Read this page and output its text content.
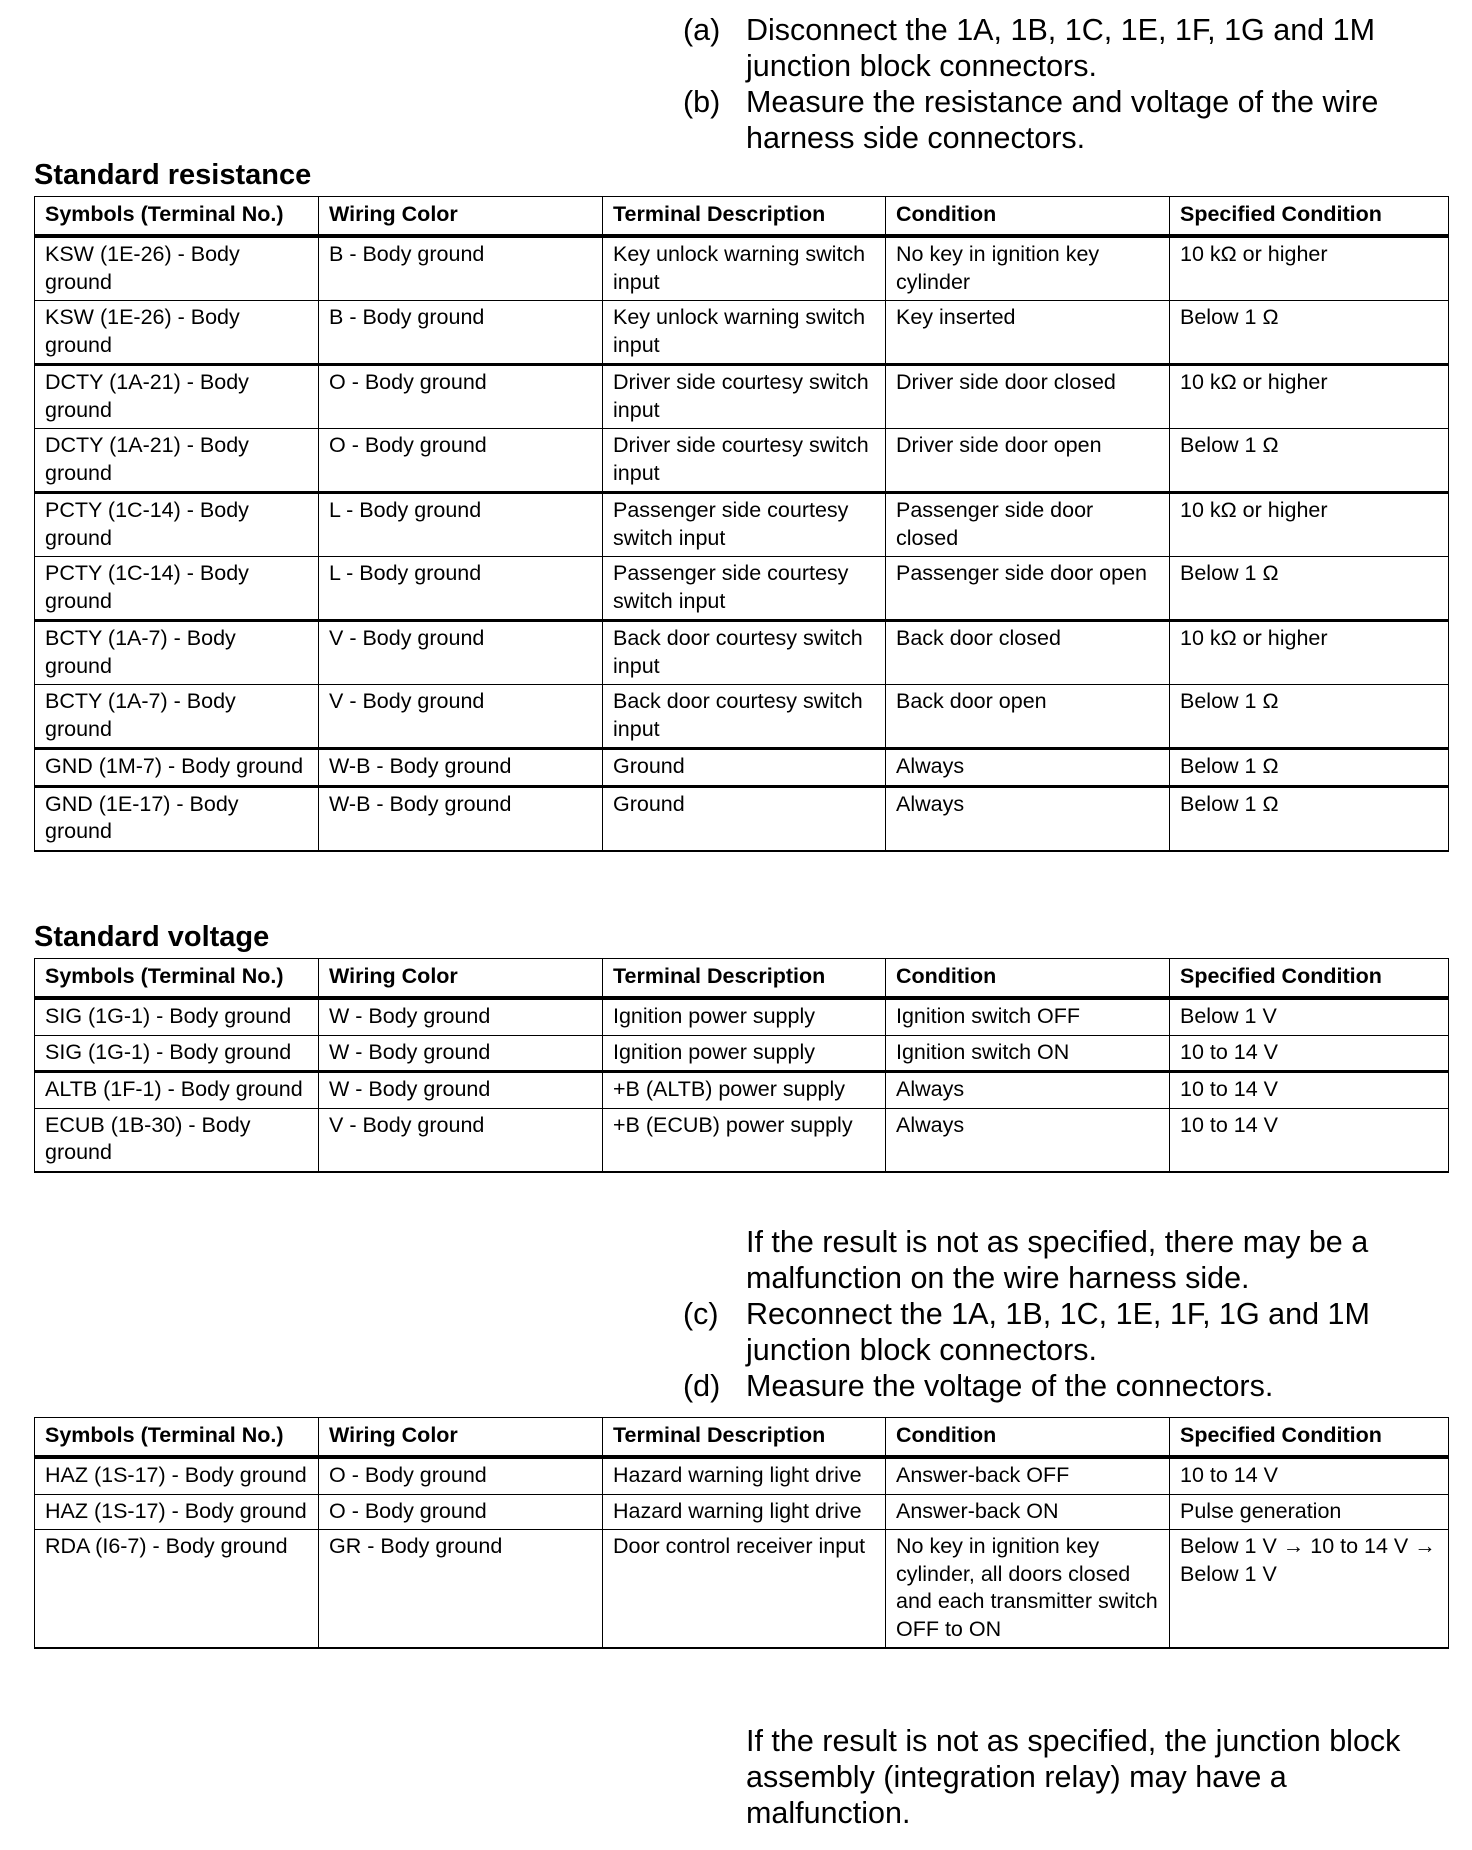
(a) Disconnect the 1A, 1B, 1C, 1E, 1F, 1G and 1M junction block connectors.
(b) Measure the resistance and voltage of the wire harness side connectors.
Standard resistance
Symbols (Terminal No.)	Wiring Color	Terminal Description	Condition	Specified Condition
KSW (1E-26) - Body ground	B - Body ground	Key unlock warning switch input	No key in ignition key cylinder	10 kΩ or higher
KSW (1E-26) - Body ground	B - Body ground	Key unlock warning switch input	Key inserted	Below 1 Ω
DCTY (1A-21) - Body ground	O - Body ground	Driver side courtesy switch input	Driver side door closed	10 kΩ or higher
DCTY (1A-21) - Body ground	O - Body ground	Driver side courtesy switch input	Driver side door open	Below 1 Ω
PCTY (1C-14) - Body ground	L - Body ground	Passenger side courtesy switch input	Passenger side door closed	10 kΩ or higher
PCTY (1C-14) - Body ground	L - Body ground	Passenger side courtesy switch input	Passenger side door open	Below 1 Ω
BCTY (1A-7) - Body ground	V - Body ground	Back door courtesy switch input	Back door closed	10 kΩ or higher
BCTY (1A-7) - Body ground	V - Body ground	Back door courtesy switch input	Back door open	Below 1 Ω
GND (1M-7) - Body ground	W-B - Body ground	Ground	Always	Below 1 Ω
GND (1E-17) - Body ground	W-B - Body ground	Ground	Always	Below 1 Ω
Standard voltage
Symbols (Terminal No.)	Wiring Color	Terminal Description	Condition	Specified Condition
SIG (1G-1) - Body ground	W - Body ground	Ignition power supply	Ignition switch OFF	Below 1 V
SIG (1G-1) - Body ground	W - Body ground	Ignition power supply	Ignition switch ON	10 to 14 V
ALTB (1F-1) - Body ground	W - Body ground	+B (ALTB) power supply	Always	10 to 14 V
ECUB (1B-30) - Body ground	V - Body ground	+B (ECUB) power supply	Always	10 to 14 V
If the result is not as specified, there may be a malfunction on the wire harness side.
(c) Reconnect the 1A, 1B, 1C, 1E, 1F, 1G and 1M junction block connectors.
(d) Measure the voltage of the connectors.
Symbols (Terminal No.)	Wiring Color	Terminal Description	Condition	Specified Condition
HAZ (1S-17) - Body ground	O - Body ground	Hazard warning light drive	Answer-back OFF	10 to 14 V
HAZ (1S-17) - Body ground	O - Body ground	Hazard warning light drive	Answer-back ON	Pulse generation
RDA (I6-7) - Body ground	GR - Body ground	Door control receiver input	No key in ignition key cylinder, all doors closed and each transmitter switch OFF to ON	Below 1 V → 10 to 14 V → Below 1 V
If the result is not as specified, the junction block assembly (integration relay) may have a malfunction.
